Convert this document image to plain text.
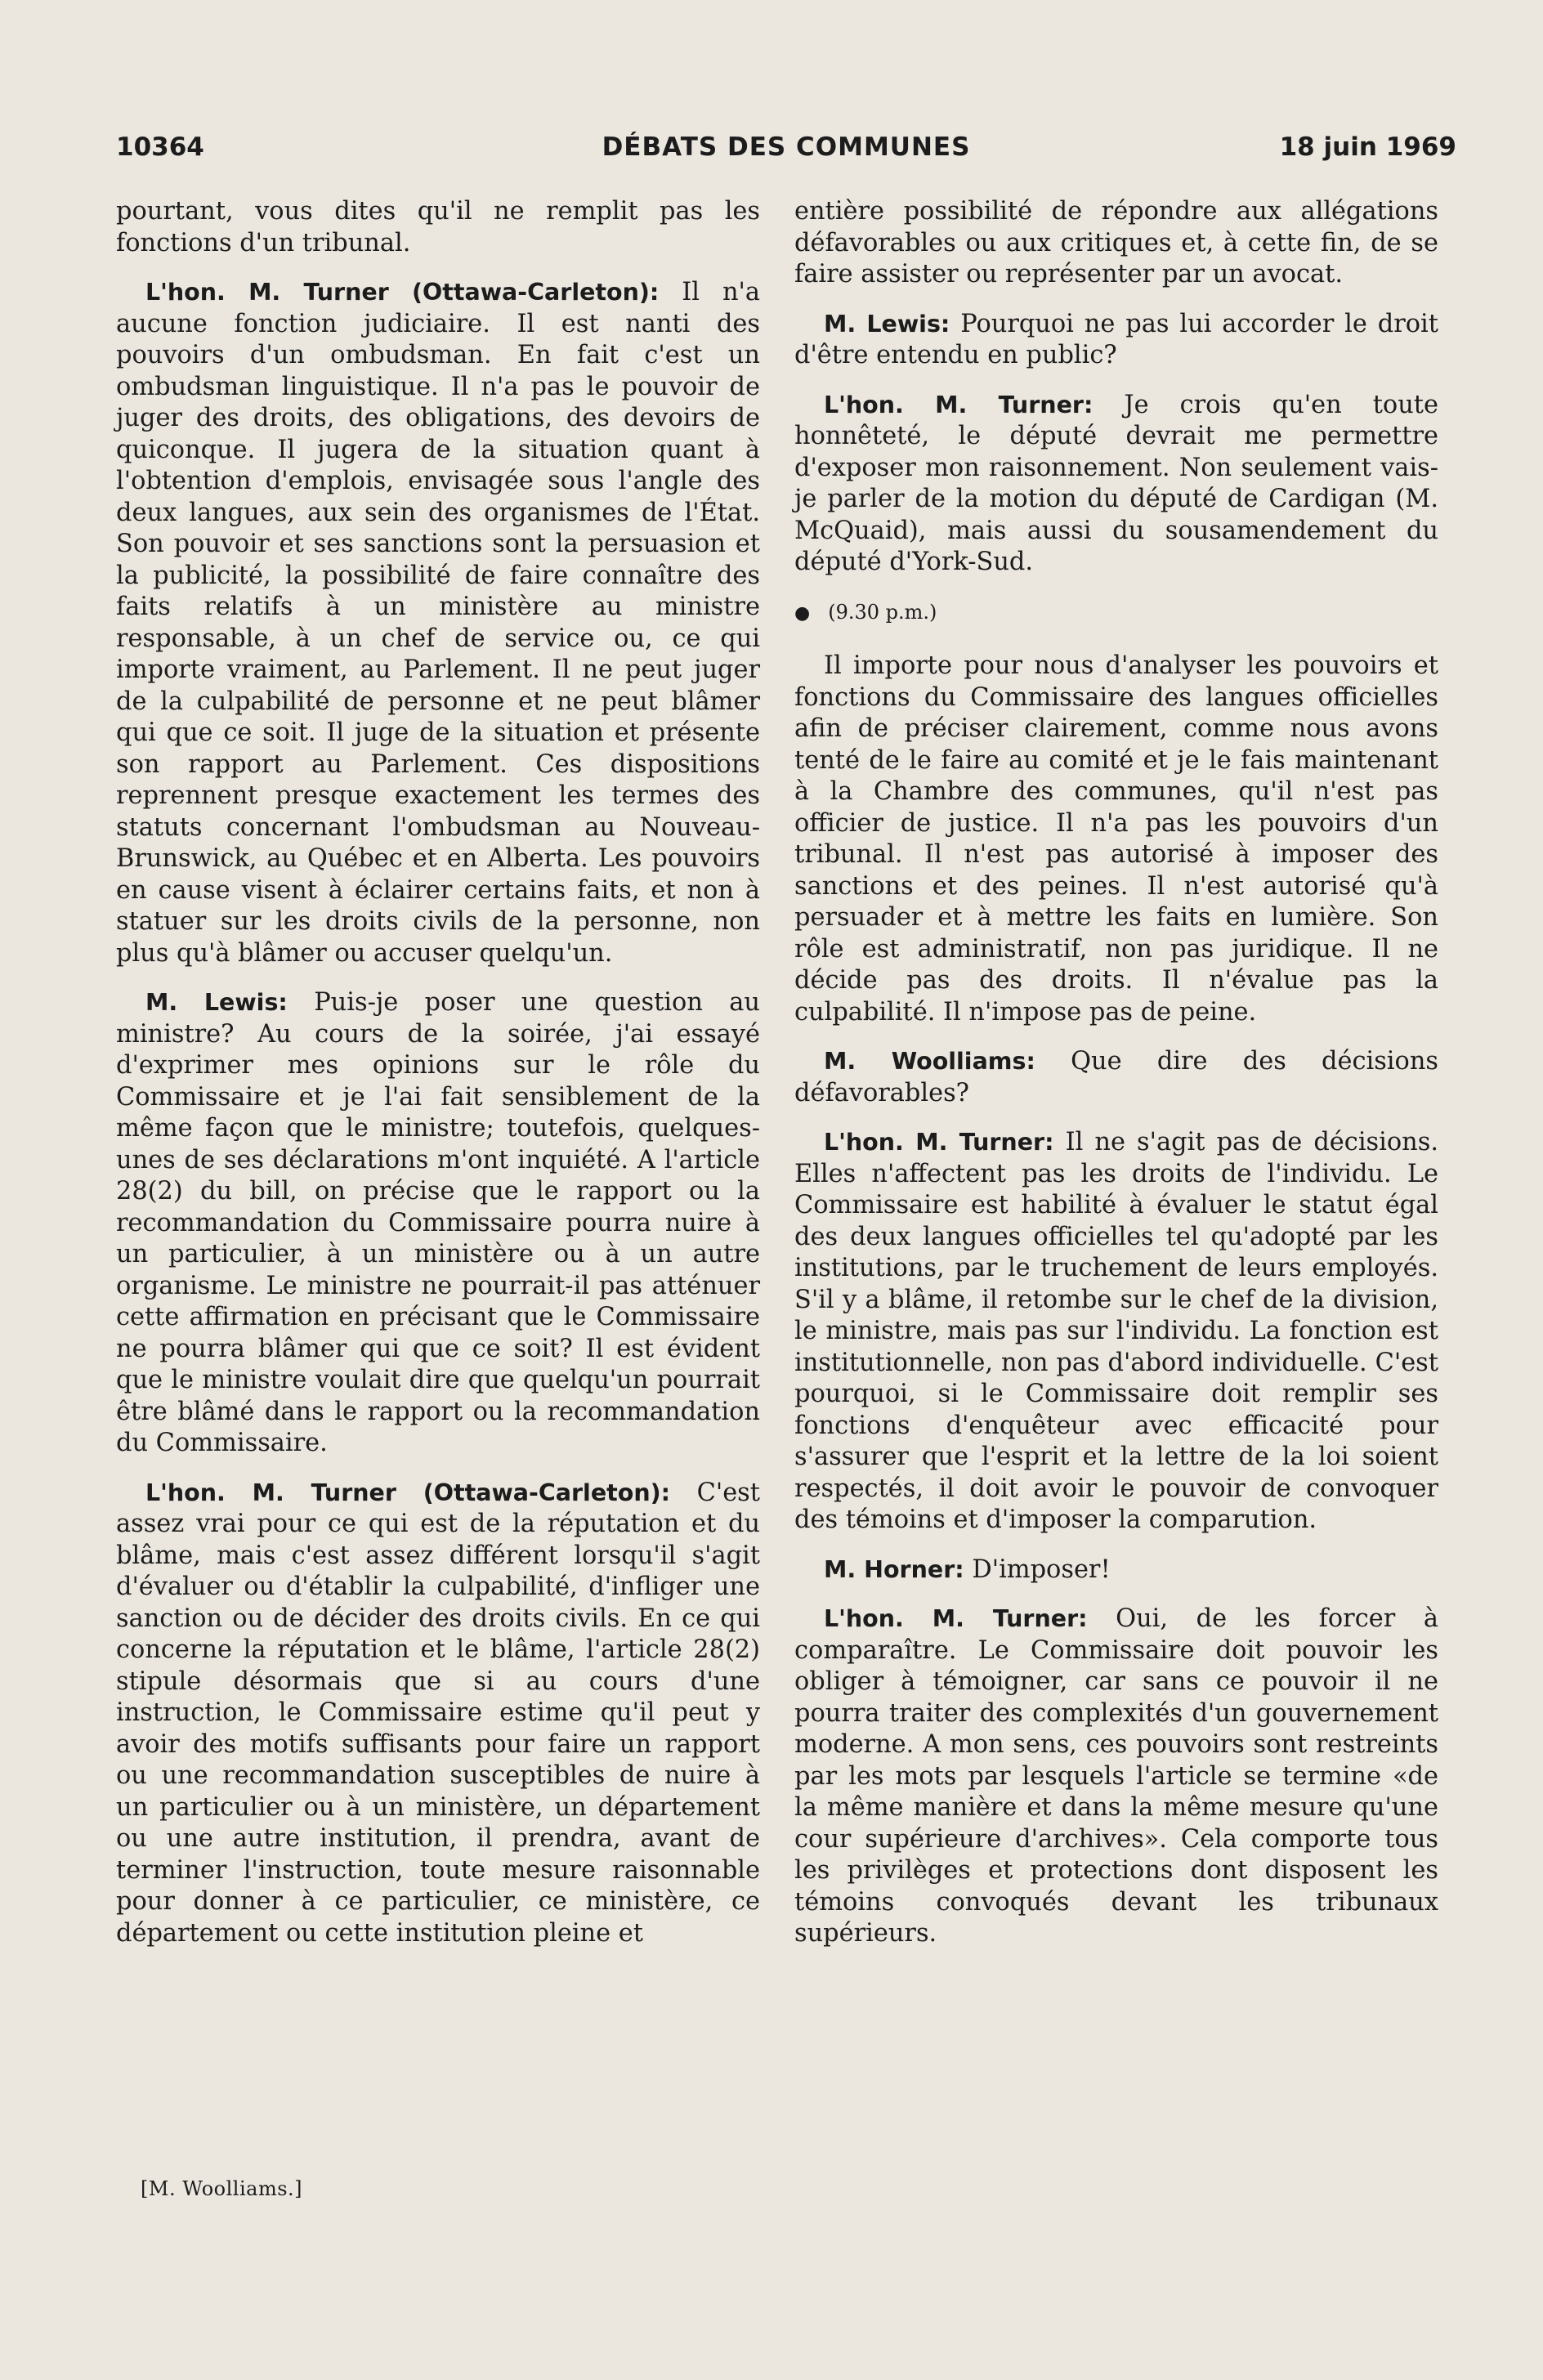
10364	DÉBATS DES COMMUNES	18 juin 1969

pourtant, vous dites qu'il ne remplit pas les fonctions d'un tribunal.

L'hon. M. Turner (Ottawa-Carleton): Il n'a aucune fonction judiciaire. Il est nanti des pouvoirs d'un ombudsman. En fait c'est un ombudsman linguistique. Il n'a pas le pouvoir de juger des droits, des obligations, des devoirs de quiconque. Il jugera de la situation quant à l'obtention d'emplois, envisagée sous l'angle des deux langues, aux sein des organismes de l'État. Son pouvoir et ses sanctions sont la persuasion et la publicité, la possibilité de faire connaître des faits relatifs à un ministère au ministre responsable, à un chef de service ou, ce qui importe vraiment, au Parlement. Il ne peut juger de la culpabilité de personne et ne peut blâmer qui que ce soit. Il juge de la situation et présente son rapport au Parlement. Ces dispositions reprennent presque exactement les termes des statuts concernant l'ombudsman au Nouveau-Brunswick, au Québec et en Alberta. Les pouvoirs en cause visent à éclairer certains faits, et non à statuer sur les droits civils de la personne, non plus qu'à blâmer ou accuser quelqu'un.

M. Lewis: Puis-je poser une question au ministre? Au cours de la soirée, j'ai essayé d'exprimer mes opinions sur le rôle du Commissaire et je l'ai fait sensiblement de la même façon que le ministre; toutefois, quelques-unes de ses déclarations m'ont inquiété. A l'article 28(2) du bill, on précise que le rapport ou la recommandation du Commissaire pourra nuire à un particulier, à un ministère ou à un autre organisme. Le ministre ne pourrait-il pas atténuer cette affirmation en précisant que le Commissaire ne pourra blâmer qui que ce soit? Il est évident que le ministre voulait dire que quelqu'un pourrait être blâmé dans le rapport ou la recommandation du Commissaire.

L'hon. M. Turner (Ottawa-Carleton): C'est assez vrai pour ce qui est de la réputation et du blâme, mais c'est assez différent lorsqu'il s'agit d'évaluer ou d'établir la culpabilité, d'infliger une sanction ou de décider des droits civils. En ce qui concerne la réputation et le blâme, l'article 28(2) stipule désormais que si au cours d'une instruction, le Commissaire estime qu'il peut y avoir des motifs suffisants pour faire un rapport ou une recommandation susceptibles de nuire à un particulier ou à un ministère, un département ou une autre institution, il prendra, avant de terminer l'instruction, toute mesure raisonnable pour donner à ce particulier, ce ministère, ce département ou cette institution pleine et

entière possibilité de répondre aux allégations défavorables ou aux critiques et, à cette fin, de se faire assister ou représenter par un avocat.

M. Lewis: Pourquoi ne pas lui accorder le droit d'être entendu en public?

L'hon. M. Turner: Je crois qu'en toute honnêteté, le député devrait me permettre d'exposer mon raisonnement. Non seulement vais-je parler de la motion du député de Cardigan (M. McQuaid), mais aussi du sousamendement du député d'York-Sud.

● (9.30 p.m.)

Il importe pour nous d'analyser les pouvoirs et fonctions du Commissaire des langues officielles afin de préciser clairement, comme nous avons tenté de le faire au comité et je le fais maintenant à la Chambre des communes, qu'il n'est pas officier de justice. Il n'a pas les pouvoirs d'un tribunal. Il n'est pas autorisé à imposer des sanctions et des peines. Il n'est autorisé qu'à persuader et à mettre les faits en lumière. Son rôle est administratif, non pas juridique. Il ne décide pas des droits. Il n'évalue pas la culpabilité. Il n'impose pas de peine.

M. Woolliams: Que dire des décisions défavorables?

L'hon. M. Turner: Il ne s'agit pas de décisions. Elles n'affectent pas les droits de l'individu. Le Commissaire est habilité à évaluer le statut égal des deux langues officielles tel qu'adopté par les institutions, par le truchement de leurs employés. S'il y a blâme, il retombe sur le chef de la division, le ministre, mais pas sur l'individu. La fonction est institutionnelle, non pas d'abord individuelle. C'est pourquoi, si le Commissaire doit remplir ses fonctions d'enquêteur avec efficacité pour s'assurer que l'esprit et la lettre de la loi soient respectés, il doit avoir le pouvoir de convoquer des témoins et d'imposer la comparution.

M. Horner: D'imposer!

L'hon. M. Turner: Oui, de les forcer à comparaître. Le Commissaire doit pouvoir les obliger à témoigner, car sans ce pouvoir il ne pourra traiter des complexités d'un gouvernement moderne. A mon sens, ces pouvoirs sont restreints par les mots par lesquels l'article se termine «de la même manière et dans la même mesure qu'une cour supérieure d'archives». Cela comporte tous les privilèges et protections dont disposent les témoins convoqués devant les tribunaux supérieurs.

[M. Woolliams.]
